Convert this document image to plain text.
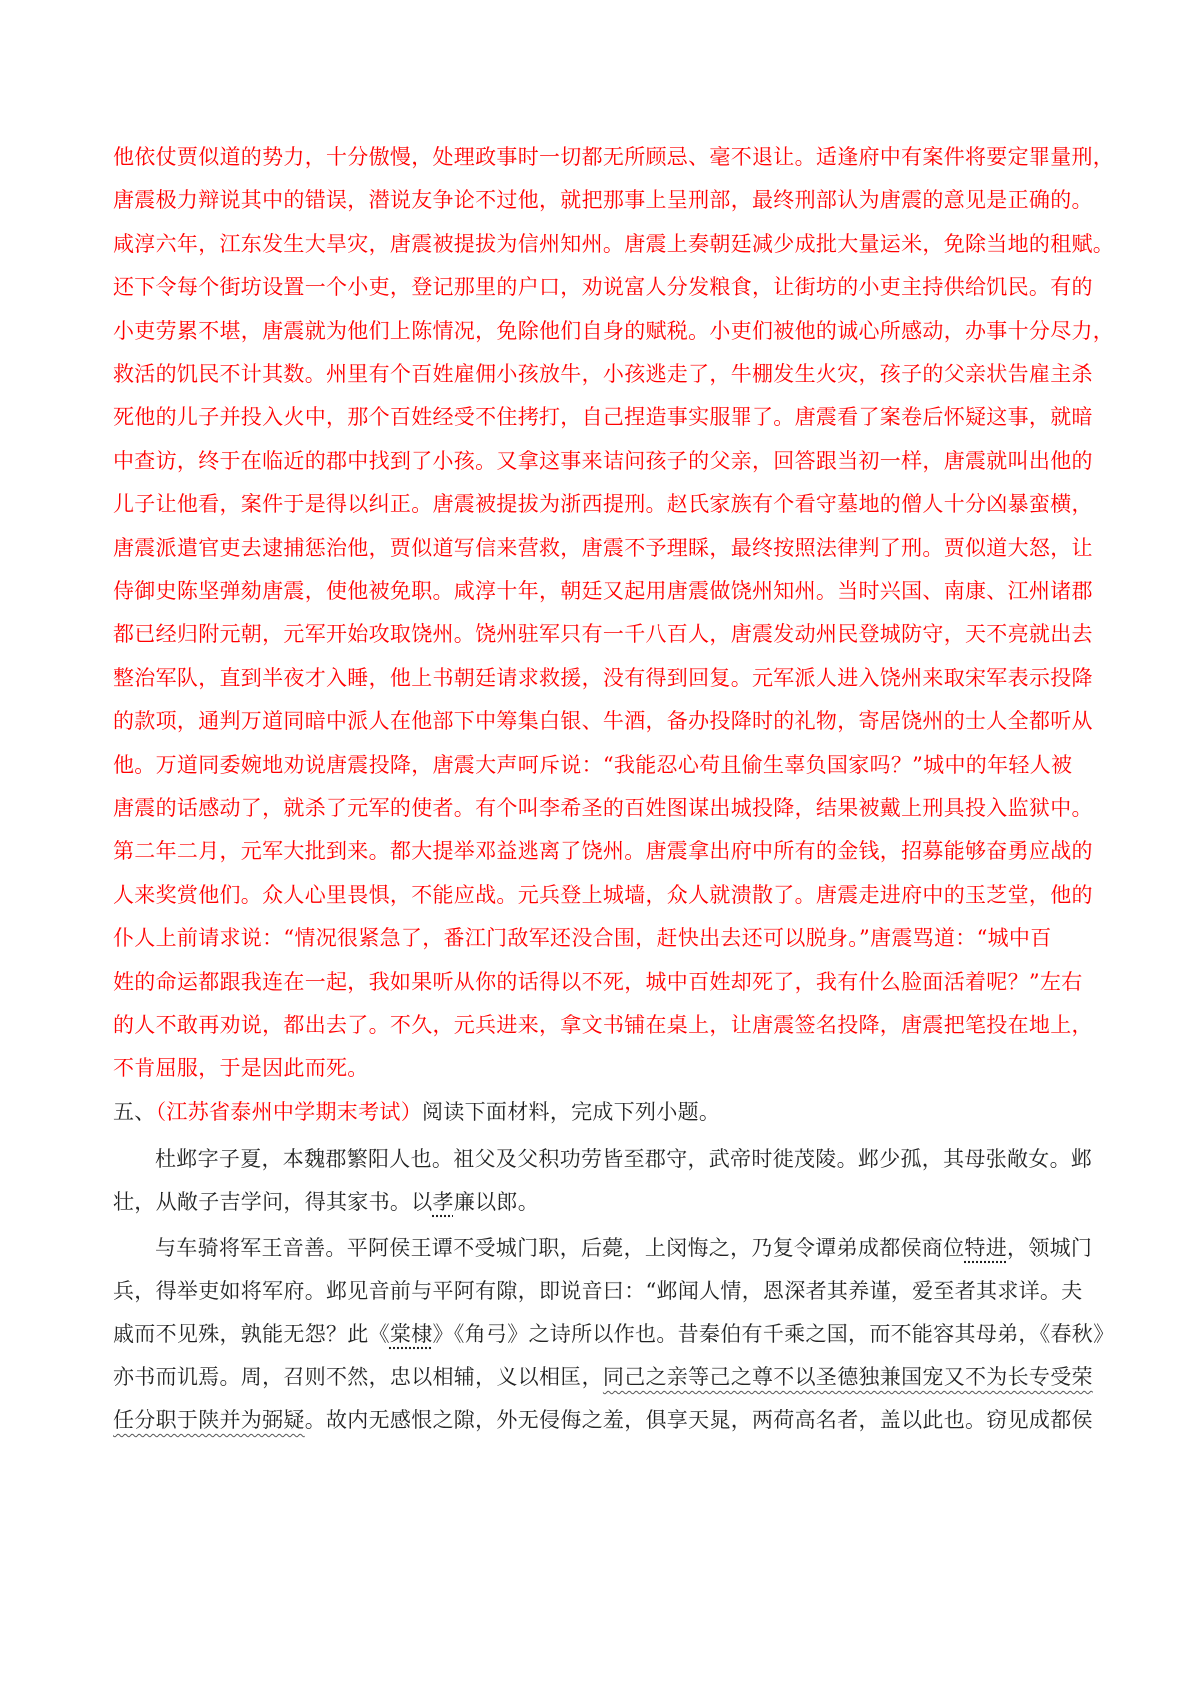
他依仗贾似道的势力，十分傲慢，处理政事时一切都无所顾忌、毫不退让。适逢府中有案件将要定罪量刑，
唐震极力辩说其中的错误，潜说友争论不过他，就把那事上呈刑部，最终刑部认为唐震的意见是正确的。
咸淳六年，江东发生大旱灾，唐震被提拔为信州知州。唐震上奏朝廷减少成批大量运米，免除当地的租赋。
还下令每个街坊设置一个小吏，登记那里的户口，劝说富人分发粮食，让街坊的小吏主持供给饥民。有的
小吏劳累不堪，唐震就为他们上陈情况，免除他们自身的赋税。小吏们被他的诚心所感动，办事十分尽力，
救活的饥民不计其数。州里有个百姓雇佣小孩放牛，小孩逃走了，牛棚发生火灾，孩子的父亲状告雇主杀
死他的儿子并投入火中，那个百姓经受不住拷打，自己捏造事实服罪了。唐震看了案卷后怀疑这事，就暗
中查访，终于在临近的郡中找到了小孩。又拿这事来诘问孩子的父亲，回答跟当初一样，唐震就叫出他的
儿子让他看，案件于是得以纠正。唐震被提拔为浙西提刑。赵氏家族有个看守墓地的僧人十分凶暴蛮横，
唐震派遣官吏去逮捕惩治他，贾似道写信来营救，唐震不予理睬，最终按照法律判了刑。贾似道大怒，让
侍御史陈坚弹劾唐震，使他被免职。咸淳十年，朝廷又起用唐震做饶州知州。当时兴国、南康、江州诸郡
都已经归附元朝，元军开始攻取饶州。饶州驻军只有一千八百人，唐震发动州民登城防守，天不亮就出去
整治军队，直到半夜才入睡，他上书朝廷请求救援，没有得到回复。元军派人进入饶州来取宋军表示投降
的款项，通判万道同暗中派人在他部下中筹集白银、牛酒，备办投降时的礼物，寄居饶州的士人全都听从
他。万道同委婉地劝说唐震投降，唐震大声呵斥说：“我能忍心苟且偷生辜负国家吗？”城中的年轻人被
唐震的话感动了，就杀了元军的使者。有个叫李希圣的百姓图谋出城投降，结果被戴上刑具投入监狱中。
第二年二月，元军大批到来。都大提举邓益逃离了饶州。唐震拿出府中所有的金钱，招募能够奋勇应战的
人来奖赏他们。众人心里畏惧，不能应战。元兵登上城墙，众人就溃散了。唐震走进府中的玉芝堂，他的
仆人上前请求说：“情况很紧急了，番江门敌军还没合围，赶快出去还可以脱身。”唐震骂道：“城中百
姓的命运都跟我连在一起，我如果听从你的话得以不死，城中百姓却死了，我有什么脸面活着呢？”左右
的人不敢再劝说，都出去了。不久，元兵进来，拿文书铺在桌上，让唐震签名投降，唐震把笔投在地上，
不肯屈服，于是因此而死。
五、（江苏省泰州中学期末考试）阅读下面材料，完成下列小题。
杜邺字子夏，本魏郡繁阳人也。祖父及父积功劳皆至郡守，武帝时徙茂陵。邺少孤，其母张敞女。邺
壮，从敞子吉学问，得其家书。以孝廉以郎。
与车骑将军王音善。平阿侯王谭不受城门职，后薨，上闵悔之，乃复令谭弟成都侯商位特进，领城门
兵，得举吏如将军府。邺见音前与平阿有隙，即说音曰：“邺闻人情，恩深者其养谨，爱至者其求详。夫
戚而不见殊，孰能无怨？此《棠棣》《角弓》之诗所以作也。昔秦伯有千乘之国，而不能容其母弟，《春秋》
亦书而讥焉。周，召则不然，忠以相辅，义以相匡，同己之亲等己之尊不以圣德独兼国宠又不为长专受荣
任分职于陕并为弼疑。故内无感恨之隙，外无侵侮之羞，俱享天晁，两荷高名者，盖以此也。窃见成都侯
